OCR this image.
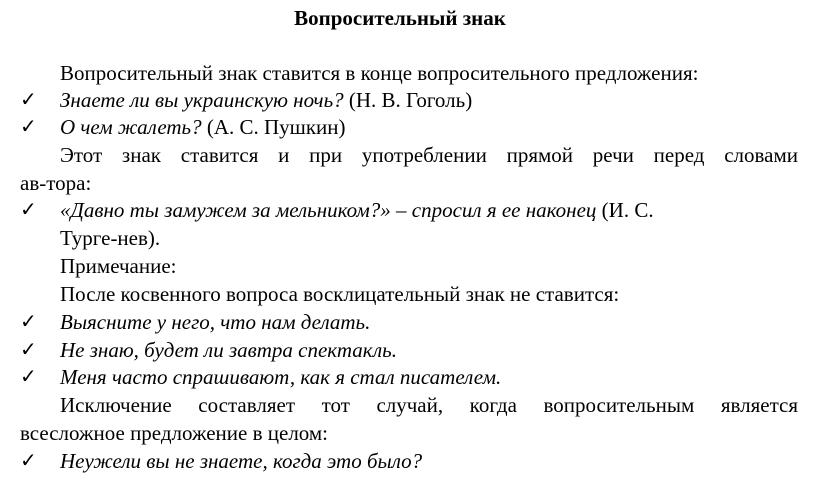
Вопросительный знак
Вопросительный знак ставится в конце вопросительного предложения:
✓ Знаете ли вы украинскую ночь? (Н. В. Гоголь)
✓ О чем жалеть? (А. С. Пушкин)
Этот знак ставится и при употреблении прямой речи перед словами
ав-тора:
✓ «Давно ты замужем за мельником?» – спросил я ее наконец (И. С.
Турге-нев).
Примечание:
После косвенного вопроса восклицательный знак не ставится:
✓ Выясните у него, что нам делать.
✓ Не знаю, будет ли завтра спектакль.
✓ Меня часто спрашивают, как я стал писателем.
Исключение составляет тот случай, когда вопросительным является
всесложное предложение в целом:
✓ Неужели вы не знаете, когда это было?
